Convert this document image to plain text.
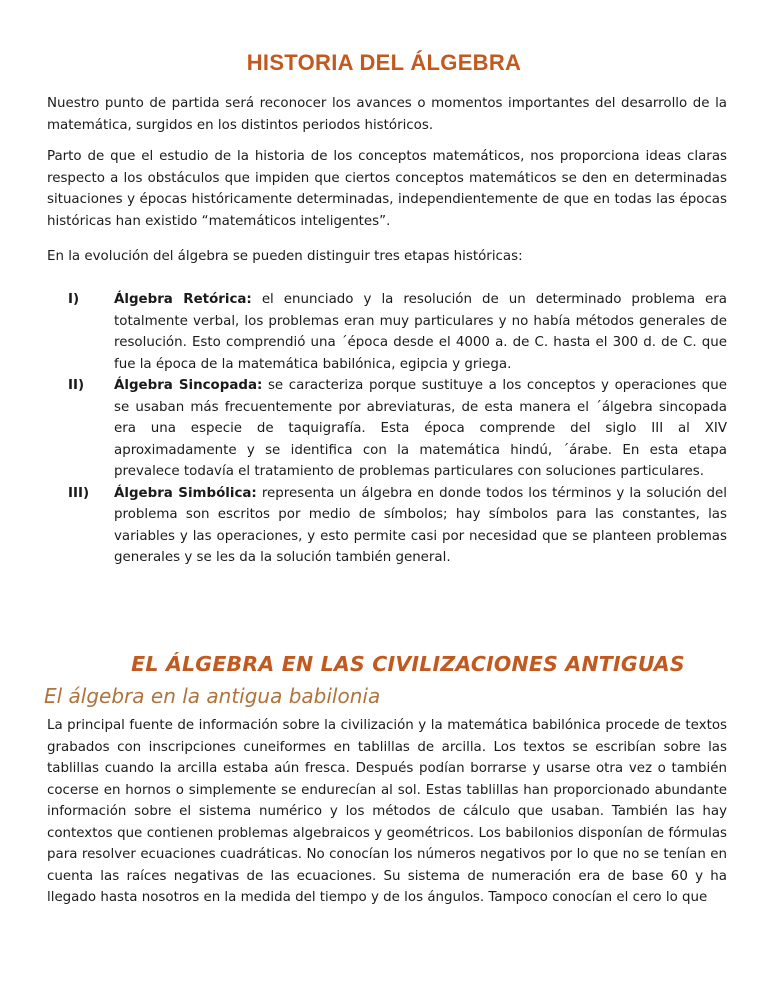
HISTORIA DEL ÁLGEBRA
Nuestro punto de partida será reconocer los avances o momentos importantes del desarrollo de la matemática, surgidos en los distintos periodos históricos.
Parto de que el estudio de la historia de los conceptos matemáticos, nos proporciona ideas claras respecto a los obstáculos que impiden que ciertos conceptos matemáticos se den en determinadas situaciones y épocas históricamente determinadas, independientemente de que en todas las épocas históricas han existido “matemáticos inteligentes”.
En la evolución del álgebra se pueden distinguir tres etapas históricas:
I)	Álgebra Retórica: el enunciado y la resolución de un determinado problema era totalmente verbal, los problemas eran muy particulares y no había métodos generales de resolución. Esto comprendió una ´época desde el 4000 a. de C. hasta el 300 d. de C. que fue la época de la matemática babilónica, egipcia y griega.
II) Álgebra Sincopada: se caracteriza porque sustituye a los conceptos y operaciones que se usaban más frecuentemente por abreviaturas, de esta manera el ´álgebra sincopada era una especie de taquigrafía. Esta época comprende del siglo III al XIV aproximadamente y se identifica con la matemática hindú, ´árabe. En esta etapa prevalece todavía el tratamiento de problemas particulares con soluciones particulares.
III) Álgebra Simbólica: representa un álgebra en donde todos los términos y la solución del problema son escritos por medio de símbolos; hay símbolos para las constantes, las variables y las operaciones, y esto permite casi por necesidad que se planteen problemas generales y se les da la solución también general.
EL ÁLGEBRA EN LAS CIVILIZACIONES ANTIGUAS
El álgebra en la antigua babilonia
La principal fuente de información sobre la civilización y la matemática babilónica procede de textos grabados con inscripciones cuneiformes en tablillas de arcilla. Los textos se escribían sobre las tablillas cuando la arcilla estaba aún fresca. Después podían borrarse y usarse otra vez o también cocerse en hornos o simplemente se endurecían al sol. Estas tablillas han proporcionado abundante información sobre el sistema numérico y los métodos de cálculo que usaban. También las hay contextos que contienen problemas algebraicos y geométricos. Los babilonios disponían de fórmulas para resolver ecuaciones cuadráticas. No conocían los números negativos por lo que no se tenían en cuenta las raíces negativas de las ecuaciones. Su sistema de numeración era de base 60 y ha llegado hasta nosotros en la medida del tiempo y de los ángulos. Tampoco conocían el cero lo que
